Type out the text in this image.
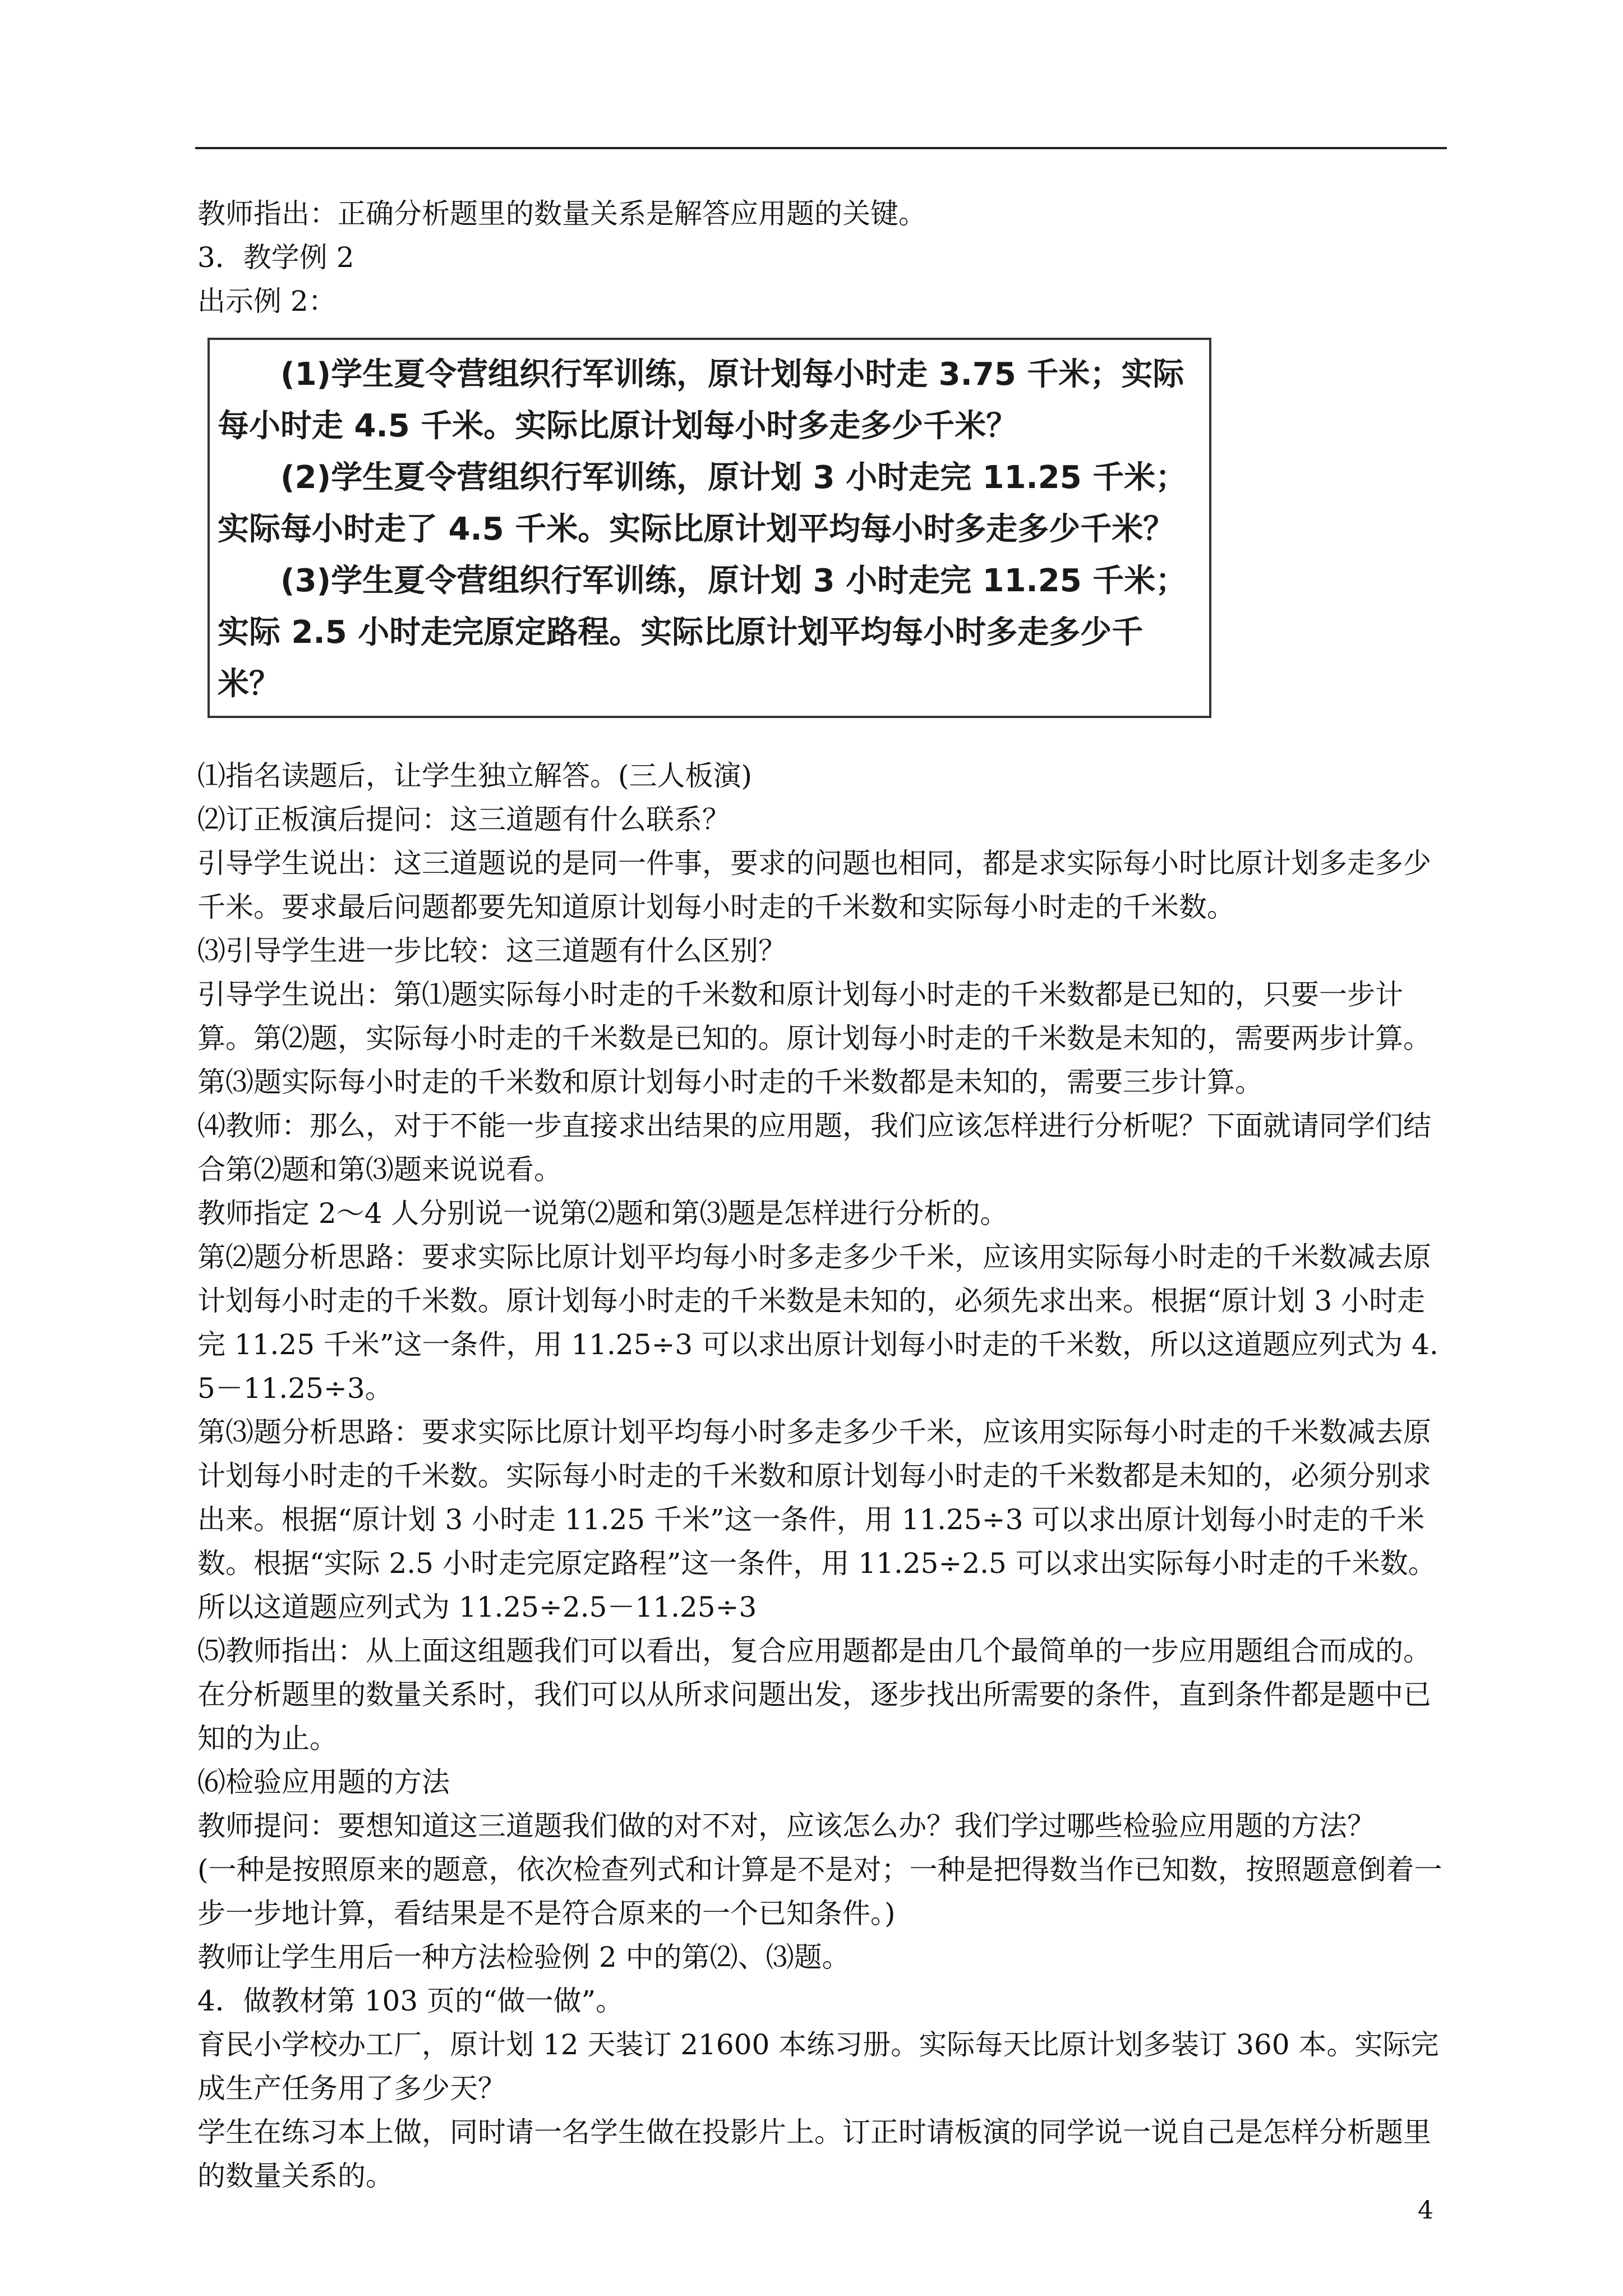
教师指出：正确分析题里的数量关系是解答应用题的关键。
3．教学例 2
出示例 2：
(1)学生夏令营组织行军训练，原计划每小时走 3.75 千米；实际每小时走 4.5 千米。实际比原计划每小时多走多少千米？
(2)学生夏令营组织行军训练，原计划 3 小时走完 11.25 千米；实际每小时走了 4.5 千米。实际比原计划平均每小时多走多少千米？
(3)学生夏令营组织行军训练，原计划 3 小时走完 11.25 千米；实际 2.5 小时走完原定路程。实际比原计划平均每小时多走多少千米？
⑴指名读题后，让学生独立解答。(三人板演)
⑵订正板演后提问：这三道题有什么联系？
引导学生说出：这三道题说的是同一件事，要求的问题也相同，都是求实际每小时比原计划多走多少千米。要求最后问题都要先知道原计划每小时走的千米数和实际每小时走的千米数。
⑶引导学生进一步比较：这三道题有什么区别？
引导学生说出：第⑴题实际每小时走的千米数和原计划每小时走的千米数都是已知的，只要一步计算。第⑵题，实际每小时走的千米数是已知的。原计划每小时走的千米数是未知的，需要两步计算。第⑶题实际每小时走的千米数和原计划每小时走的千米数都是未知的，需要三步计算。
⑷教师：那么，对于不能一步直接求出结果的应用题，我们应该怎样进行分析呢？下面就请同学们结合第⑵题和第⑶题来说说看。
教师指定 2～4 人分别说一说第⑵题和第⑶题是怎样进行分析的。
第⑵题分析思路：要求实际比原计划平均每小时多走多少千米，应该用实际每小时走的千米数减去原计划每小时走的千米数。原计划每小时走的千米数是未知的，必须先求出来。根据“原计划 3 小时走完 11.25 千米”这一条件，用 11.25÷3 可以求出原计划每小时走的千米数，所以这道题应列式为 4.5－11.25÷3。
第⑶题分析思路：要求实际比原计划平均每小时多走多少千米，应该用实际每小时走的千米数减去原计划每小时走的千米数。实际每小时走的千米数和原计划每小时走的千米数都是未知的，必须分别求出来。根据“原计划 3 小时走 11.25 千米”这一条件，用 11.25÷3 可以求出原计划每小时走的千米数。根据“实际 2.5 小时走完原定路程”这一条件，用 11.25÷2.5 可以求出实际每小时走的千米数。所以这道题应列式为 11.25÷2.5－11.25÷3
⑸教师指出：从上面这组题我们可以看出，复合应用题都是由几个最简单的一步应用题组合而成的。在分析题里的数量关系时，我们可以从所求问题出发，逐步找出所需要的条件，直到条件都是题中已知的为止。
⑹检验应用题的方法
教师提问：要想知道这三道题我们做的对不对，应该怎么办？我们学过哪些检验应用题的方法？
(一种是按照原来的题意，依次检查列式和计算是不是对；一种是把得数当作已知数，按照题意倒着一步一步地计算，看结果是不是符合原来的一个已知条件。)
教师让学生用后一种方法检验例 2 中的第⑵、⑶题。
4．做教材第 103 页的“做一做”。
育民小学校办工厂，原计划 12 天装订 21600 本练习册。实际每天比原计划多装订 360 本。实际完成生产任务用了多少天？
学生在练习本上做，同时请一名学生做在投影片上。订正时请板演的同学说一说自己是怎样分析题里的数量关系的。
4
